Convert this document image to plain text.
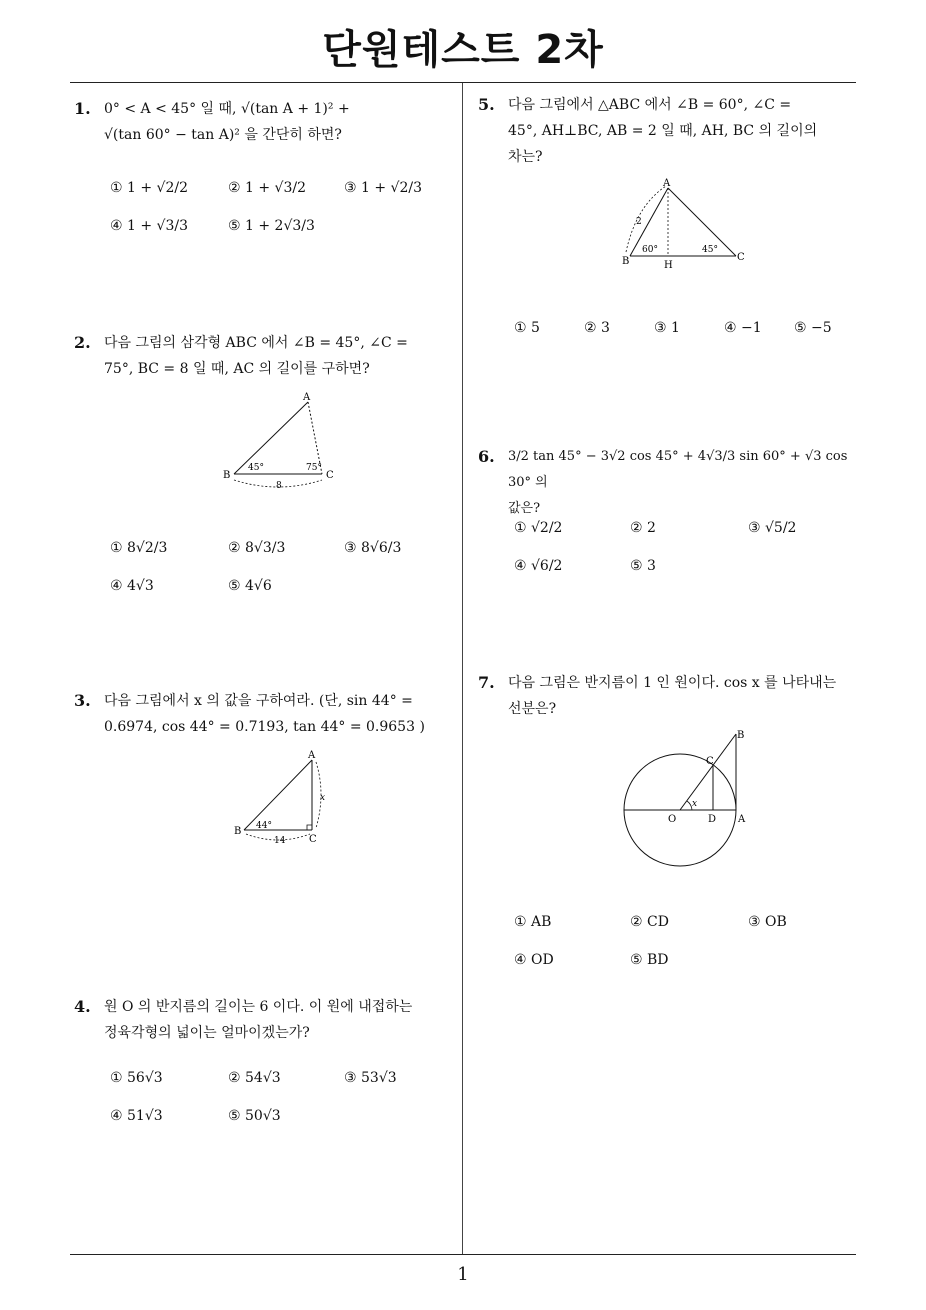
단원테스트 2차
1
1. 0° < A < 45° 일 때, √(tan A + 1)² +
√(tan 60° − tan A)² 을 간단히 하면?
① 1 + √2/2	② 1 + √3/2	③ 1 + √2/3
④ 1 + √3/3	⑤ 1 + 2√3/3
2. 다음 그림의 삼각형 ABC 에서 ∠B = 45°, ∠C =
75°, BC = 8 일 때, AC 의 길이를 구하면?
A
B	C
45°	75°
8
① 8√2/3	② 8√3/3	③ 8√6/3
④ 4√3	⑤ 4√6
3. 다음 그림에서 x 의 값을 구하여라. (단, sin 44° =
0.6974, cos 44° = 0.7193, tan 44° = 0.9653 )
A
B
C
44°
14
x
4. 원 O 의 반지름의 길이는 6 이다. 이 원에 내접하는
정육각형의 넓이는 얼마이겠는가?
① 56√3	② 54√3	③ 53√3
④ 51√3	⑤ 50√3
5. 다음 그림에서 △ABC 에서 ∠B = 60°, ∠C =
45°, AH⊥BC, AB = 2 일 때, AH, BC 의 길이의
차는?
A
B	C
H
60°	45°
2
① 5	② 3	③ 1	④ −1 ⑤ −5
6. 3/2 tan 45° − 3√2 cos 45° + 4√3/3 sin 60° + √3 cos 30° 의
값은?
① √2/2	② 2	③ √5/2
④ √6/2	⑤ 3
7. 다음 그림은 반지름이 1 인 원이다. cos x 를 나타내는
선분은?
B
C
D A
O
x
① AB	② CD	③ OB
④ OD	⑤ BD
